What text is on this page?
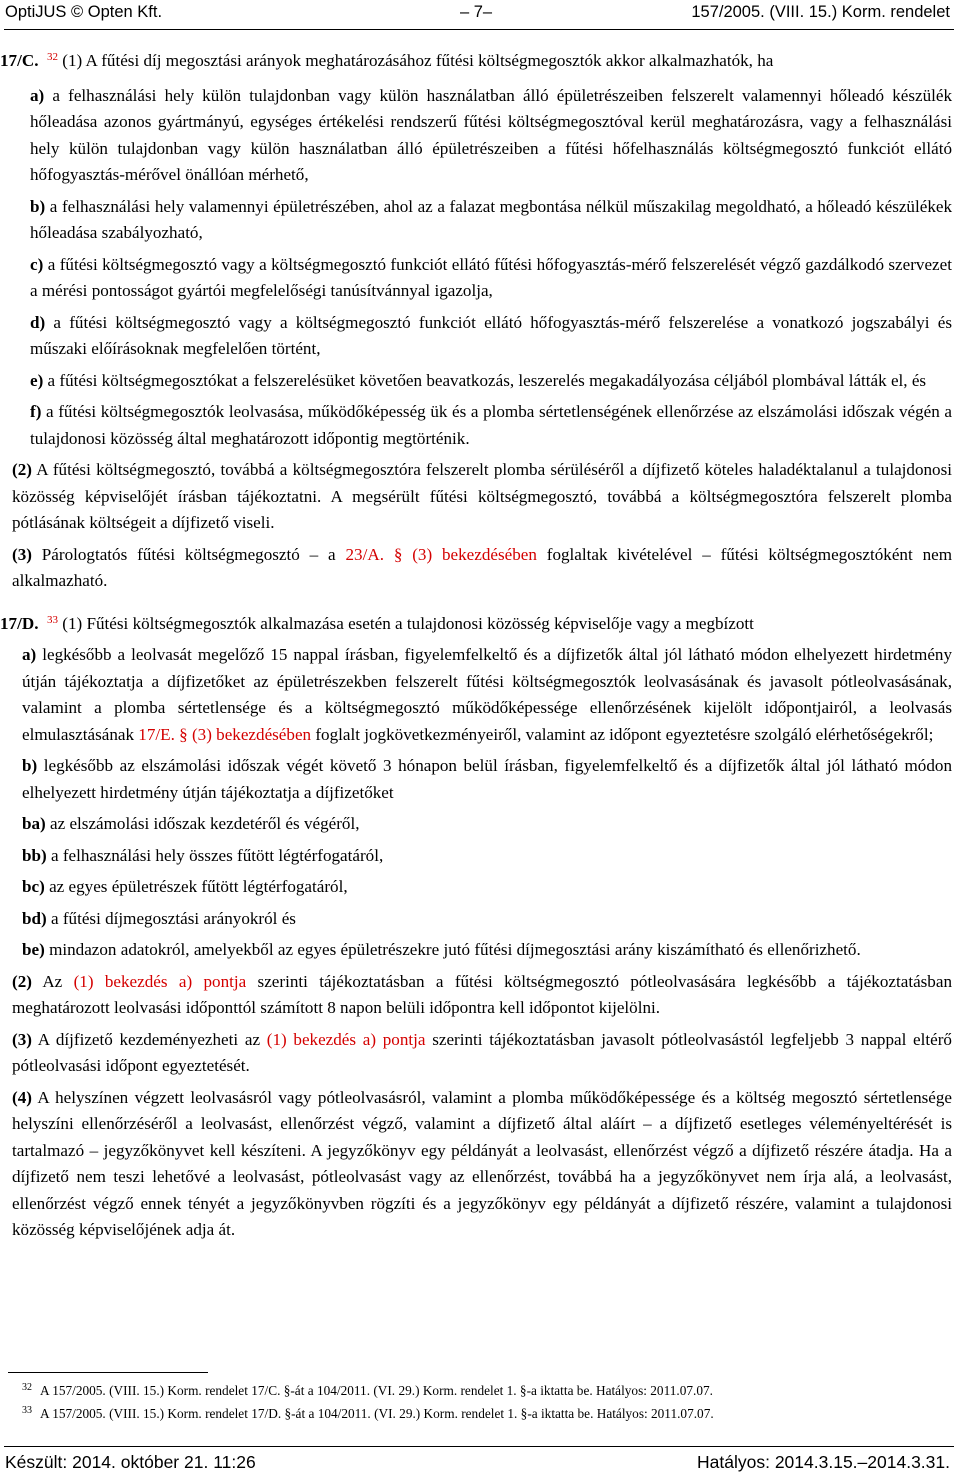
OptiJUS © Opten Kft.	– 7–	157/2005. (VIII. 15.) Korm. rendelet

17/C. $^{32}$ (1) A fűtési díj megosztási arányok meghatározásához fűtési költségmegosztók akkor alkalmazhatók, ha

a) a felhasználási hely külön tulajdonban vagy külön használatban álló épületrészeiben felszerelt valamennyi hőleadó készülék hőleadása azonos gyártmányú, egységes értékelési rendszerű fűtési költségmegosztóval kerül meghatározásra, vagy a felhasználási hely külön tulajdonban vagy külön használatban álló épületrészeiben a fűtési hőfelhasználás költségmegosztó funkciót ellátó hőfogyasztás-mérővel önállóan mérhető,

b) a felhasználási hely valamennyi épületrészében, ahol az a falazat megbontása nélkül műszakilag megoldható, a hőleadó készülékek hőleadása szabályozható,

c) a fűtési költségmegosztó vagy a költségmegosztó funkciót ellátó fűtési hőfogyasztás-mérő felszerelését végző gazdálkodó szervezet a mérési pontosságot gyártói megfelelőségi tanúsítvánnyal igazolja,

d) a fűtési költségmegosztó vagy a költségmegosztó funkciót ellátó hőfogyasztás-mérő felszerelése a vonatkozó jogszabályi és műszaki előírásoknak megfelelően történt,

e) a fűtési költségmegosztókat a felszerelésüket követően beavatkozás, leszerelés megakadályozása céljából plombával látták el, és

f) a fűtési költségmegosztók leolvasása, működőképesség ük és a plomba sértetlenségének ellenőrzése az elszámolási időszak végén a tulajdonosi közösség által meghatározott időpontig megtörténik.

(2) A fűtési költségmegosztó, továbbá a költségmegosztóra felszerelt plomba sérüléséről a díjfizető köteles haladéktalanul a tulajdonosi közösség képviselőjét írásban tájékoztatni. A megsérült fűtési költségmegosztó, továbbá a költségmegosztóra felszerelt plomba pótlásának költségeit a díjfizető viseli.

(3) Párologtatós fűtési költségmegosztó – a 23/A. § (3) bekezdésében foglaltak kivételével – fűtési költségmegosztóként nem alkalmazható.

17/D. $^{33}$ (1) Fűtési költségmegosztók alkalmazása esetén a tulajdonosi közösség képviselője vagy a megbízott

a) legkésőbb a leolvasát megelőző 15 nappal írásban, figyelemfelkeltő és a díjfizetők által jól látható módon elhelyezett hirdetmény útján tájékoztatja a díjfizetőket az épületrészekben felszerelt fűtési költségmegosztók leolvasásának és javasolt pótleolvasásának, valamint a plomba sértetlensége és a költségmegosztó működőképessége ellenőrzésének kijelölt időpontjairól, a leolvasás elmulasztásának 17/E. § (3) bekezdésében foglalt jogkövetkezményeiről, valamint az időpont egyeztetésre szolgáló elérhetőségekről;

b) legkésőbb az elszámolási időszak végét követő 3 hónapon belül írásban, figyelemfelkeltő és a díjfizetők által jól látható módon elhelyezett hirdetmény útján tájékoztatja a díjfizetőket

ba) az elszámolási időszak kezdetéről és végéről,

bb) a felhasználási hely összes fűtött légtérfogatáról,

bc) az egyes épületrészek fűtött légtérfogatáról,

bd) a fűtési díjmegosztási arányokról és

be) mindazon adatokról, amelyekből az egyes épületrészekre jutó fűtési díjmegosztási arány kiszámítható és ellenőrizhető.

(2) Az (1) bekezdés a) pontja szerinti tájékoztatásban a fűtési költségmegosztó pótleolvasására legkésőbb a tájékoztatásban meghatározott leolvasási időponttól számított 8 napon belüli időpontra kell időpontot kijelölni.

(3) A díjfizető kezdeményezheti az (1) bekezdés a) pontja szerinti tájékoztatásban javasolt pótleolvasástól legfeljebb 3 nappal eltérő pótleolvasási időpont egyeztetését.

(4) A helyszínen végzett leolvasásról vagy pótleolvasásról, valamint a plomba működőképessége és a költség megosztó sértetlensége helyszíni ellenőrzéséről a leolvasást, ellenőrzést végző, valamint a díjfizető által aláírt – a díjfizető esetleges véleményeltérését is tartalmazó – jegyzőkönyvet kell készíteni. A jegyzőkönyv egy példányát a leolvasást, ellenőrzést végző a díjfizető részére átadja. Ha a díjfizető nem teszi lehetővé a leolvasást, pótleolvasást vagy az ellenőrzést, továbbá ha a jegyzőkönyvet nem írja alá, a leolvasást, ellenőrzést végző ennek tényét a jegyzőkönyvben rögzíti és a jegyzőkönyv egy példányát a díjfizető részére, valamint a tulajdonosi közösség képviselőjének adja át.

$^{32}$ A 157/2005. (VIII. 15.) Korm. rendelet 17/C. §-át a 104/2011. (VI. 29.) Korm. rendelet 1. §-a iktatta be. Hatályos: 2011.07.07.
$^{33}$ A 157/2005. (VIII. 15.) Korm. rendelet 17/D. §-át a 104/2011. (VI. 29.) Korm. rendelet 1. §-a iktatta be. Hatályos: 2011.07.07.
Készült: 2014. október 21. 11:26	Hatályos: 2014.3.15.–2014.3.31.
